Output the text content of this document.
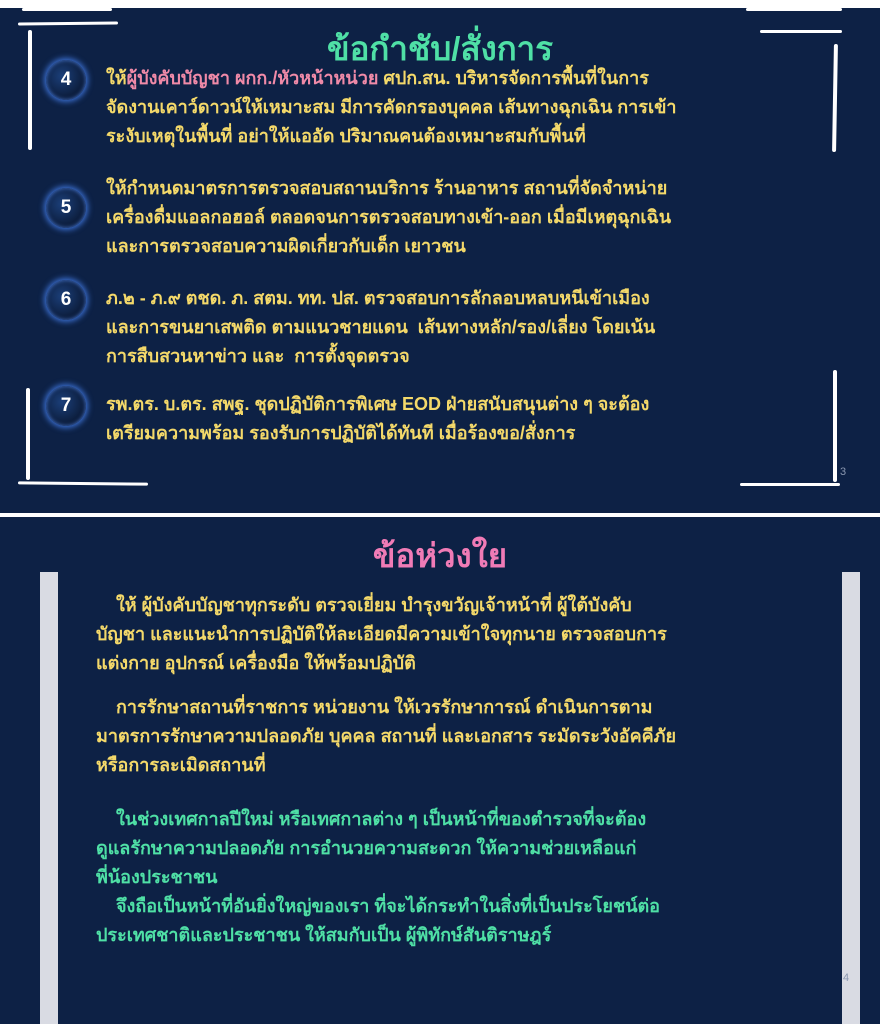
ข้อกำชับ/สั่งการ
4	ให้ผู้บังคับบัญชา ผกก./หัวหน้าหน่วย ศปก.สน. บริหารจัดการพื้นที่ในการ
จัดงานเคาว์ดาวน์ให้เหมาะสม มีการคัดกรองบุคคล เส้นทางฉุกเฉิน การเข้า
ระงับเหตุในพื้นที่ อย่าให้แออัด ปริมาณคนต้องเหมาะสมกับพื้นที่

5

ให้กำหนดมาตรการตรวจสอบสถานบริการ ร้านอาหาร สถานที่จัดจำหน่าย
เครื่องดื่มแอลกอฮอล์ ตลอดจนการตรวจสอบทางเข้า-ออก เมื่อมีเหตุฉุกเฉิน
และการตรวจสอบความผิดเกี่ยวกับเด็ก เยาวชน

6	ภ.๒ - ภ.๙ ตชด. ภ. สตม. ทท. ปส. ตรวจสอบการลักลอบหลบหนีเข้าเมือง
และการขนยาเสพติด ตามแนวชายแดน  เส้นทางหลัก/รอง/เลี่ยง โดยเน้น
การสืบสวนหาข่าว และ  การตั้งจุดตรวจ

7	รพ.ตร. บ.ตร. สพฐ. ชุดปฏิบัติการพิเศษ EOD ฝ่ายสนับสนุนต่าง ๆ จะต้อง
เตรียมความพร้อม รองรับการปฏิบัติได้ทันที เมื่อร้องขอ/สั่งการ

3
ข้อห่วงใย

ให้ ผู้บังคับบัญชาทุกระดับ ตรวจเยี่ยม บำรุงขวัญเจ้าหน้าที่ ผู้ใต้บังคับ
บัญชา และแนะนำการปฏิบัติให้ละเอียดมีความเข้าใจทุกนาย ตรวจสอบการ
แต่งกาย อุปกรณ์ เครื่องมือ ให้พร้อมปฏิบัติ

การรักษาสถานที่ราชการ หน่วยงาน ให้เวรรักษาการณ์ ดำเนินการตาม
มาตรการรักษาความปลอดภัย บุคคล สถานที่ และเอกสาร ระมัดระวังอัคคีภัย
หรือการละเมิดสถานที่

ในช่วงเทศกาลปีใหม่ หรือเทศกาลต่าง ๆ เป็นหน้าที่ของตำรวจที่จะต้อง
ดูแลรักษาความปลอดภัย การอำนวยความสะดวก ให้ความช่วยเหลือแก่
พี่น้องประชาชน
จึงถือเป็นหน้าที่อันยิ่งใหญ่ของเรา ที่จะได้กระทำในสิ่งที่เป็นประโยชน์ต่อ
ประเทศชาติและประชาชน ให้สมกับเป็น ผู้พิทักษ์สันติราษฎร์

4
